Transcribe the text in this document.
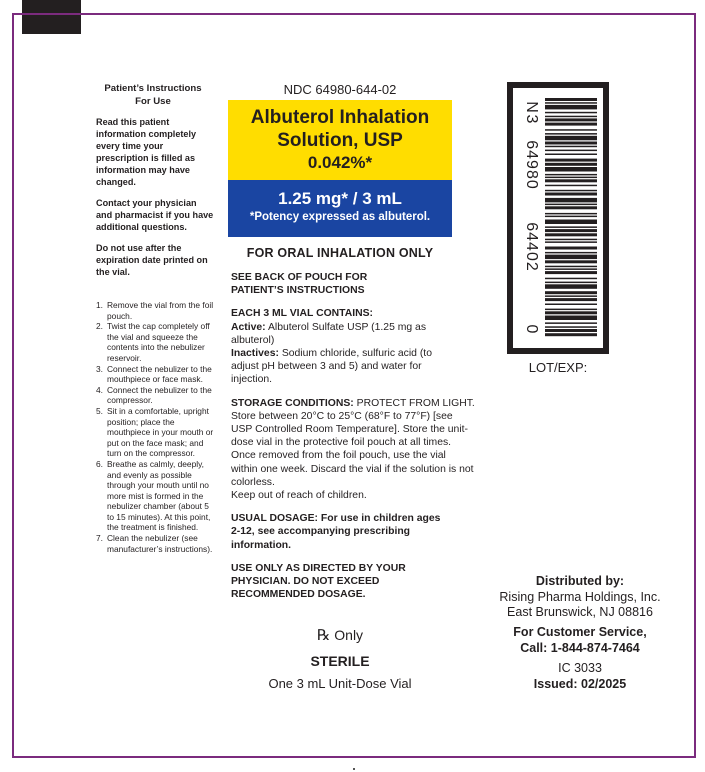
Patient’s Instructions
For Use

Read this patient information completely every time your prescription is filled as information may have changed.

Contact your physician and pharmacist if you have additional questions.

Do not use after the expiration date printed on the vial.

1. Remove the vial from the foil pouch.
2. Twist the cap completely off the vial and squeeze the contents into the nebulizer reservoir.
3. Connect the nebulizer to the mouthpiece or face mask.
4. Connect the nebulizer to the compressor.
5. Sit in a comfortable, upright position; place the mouthpiece in your mouth or put on the face mask; and turn on the compressor.
6. Breathe as calmly, deeply, and evenly as possible through your mouth until no more mist is formed in the nebulizer chamber (about 5 to 15 minutes). At this point, the treatment is finished.
7. Clean the nebulizer (see manufacturer’s instructions).
NDC 64980-644-02
Albuterol Inhalation
Solution, USP
0.042%*
1.25 mg* / 3 mL
*Potency expressed as albuterol.
FOR ORAL INHALATION ONLY
SEE BACK OF POUCH FOR PATIENT’S INSTRUCTIONS
EACH 3 ML VIAL CONTAINS:
Active: Albuterol Sulfate USP (1.25 mg as albuterol)
Inactives: Sodium chloride, sulfuric acid (to adjust pH between 3 and 5) and water for injection.
STORAGE CONDITIONS: PROTECT FROM LIGHT. Store between 20°C to 25°C (68°F to 77°F) [see USP Controlled Room Temperature]. Store the unit-dose vial in the protective foil pouch at all times. Once removed from the foil pouch, use the vial within one week. Discard the vial if the solution is not colorless.
Keep out of reach of children.
USUAL DOSAGE: For use in children ages 2-12, see accompanying prescribing information.
USE ONLY AS DIRECTED BY YOUR PHYSICIAN. DO NOT EXCEED RECOMMENDED DOSAGE.
℞ Only
STERILE
One 3 mL Unit-Dose Vial
N
3
64980
64402
0
LOT/EXP:
Distributed by:
Rising Pharma Holdings, Inc.
East Brunswick, NJ 08816
For Customer Service,
Call: 1-844-874-7464
IC 3033
Issued: 02/2025
